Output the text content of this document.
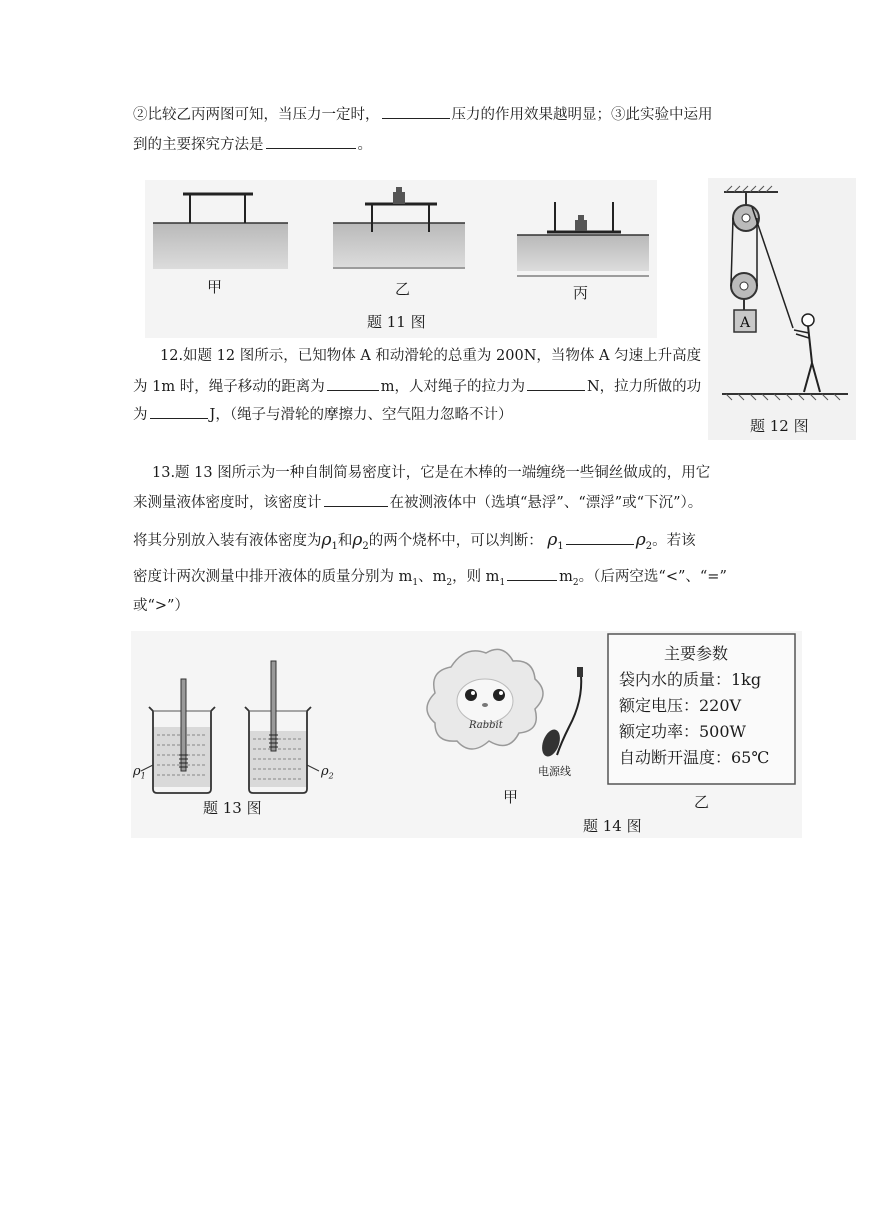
②比较乙丙两图可知，当压力一定时，	压力的作用效果越明显；③此实验中运用
到的主要探究方法是	。
甲	乙	丙
题 11 图
12.如题 12 图所示，已知物体 A 和动滑轮的总重为 200N，当物体 A 匀速上升高度
为 1m 时，绳子移动的距离为	m，人对绳子的拉力为	N，拉力所做的功
为	J，（绳子与滑轮的摩擦力、空气阻力忽略不计）
A
题 12 图
13.题 13 图所示为一种自制简易密度计，它是在木棒的一端缠绕一些铜丝做成的，用它
来测量液体密度时，该密度计	在被测液体中（选填“悬浮”、“漂浮”或“下沉”）。
将其分别放入装有液体密度为$\rho_1$和$\rho_2$的两个烧杯中，可以判断： $\rho_1$	$\rho_2$。若该
密度计两次测量中排开液体的质量分别为 $m_1$、$m_2$，则 $m_1$	$m_2$。（后两空选“<”、“=”
或“>”）
$\rho_1$	$\rho_2$
题 13 图
Rabbit
电源线
甲	乙
题 14 图
主要参数
袋内水的质量：1kg
额定电压：220V
额定功率：500W
自动断开温度：65℃
